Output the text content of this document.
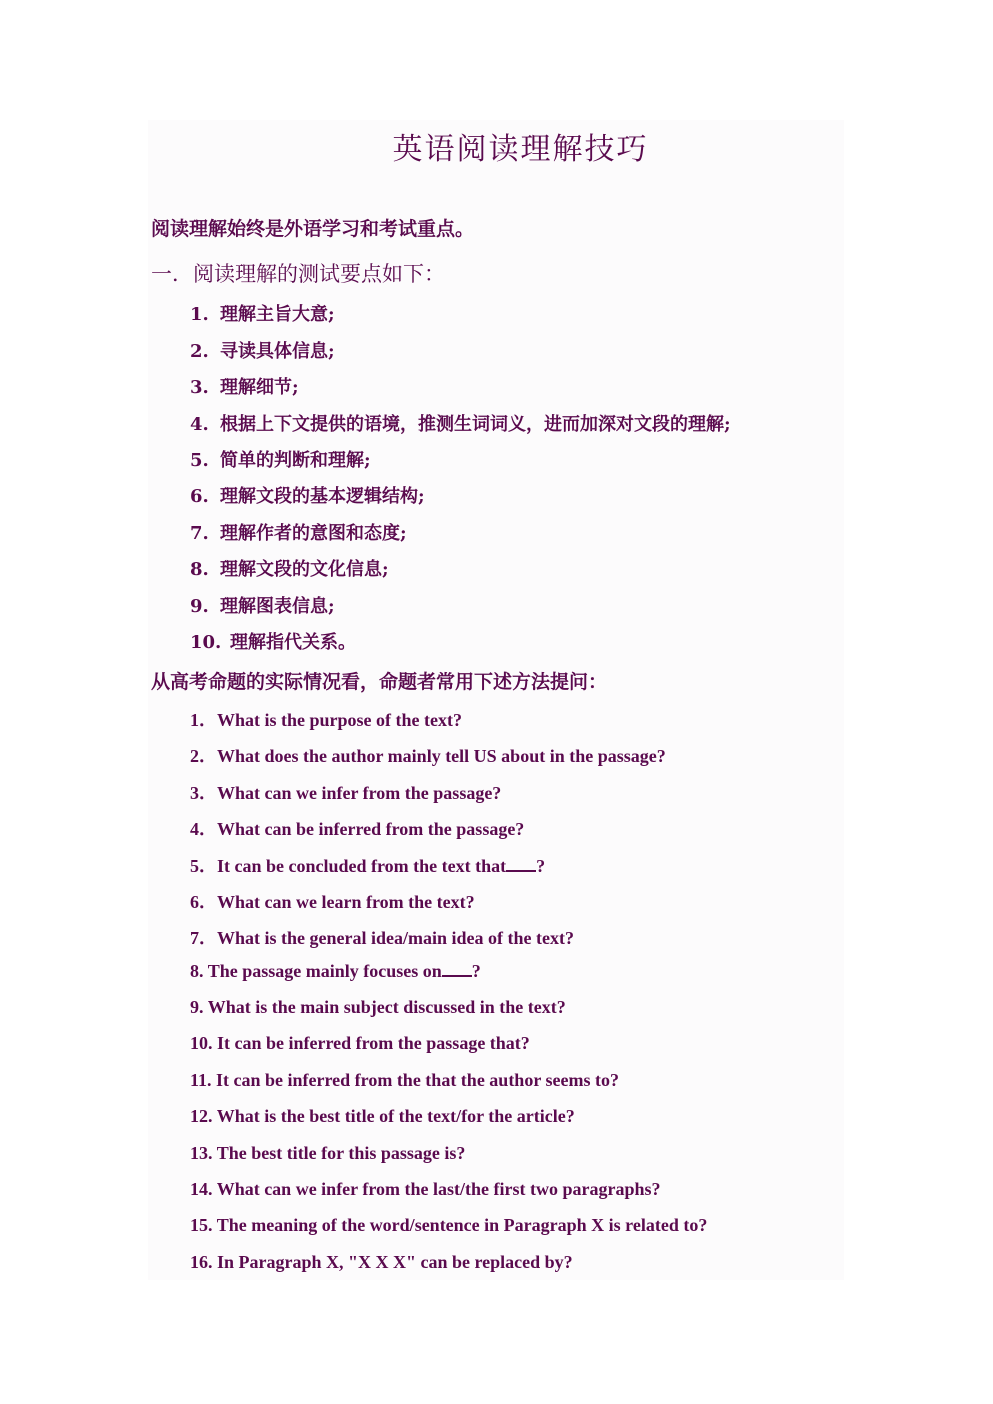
英语阅读理解技巧
阅读理解始终是外语学习和考试重点。
一．阅读理解的测试要点如下：
1. 理解主旨大意;
2. 寻读具体信息;
3. 理解细节;
4. 根据上下文提供的语境，推测生词词义，进而加深对文段的理解;
5. 简单的判断和理解;
6. 理解文段的基本逻辑结构;
7. 理解作者的意图和态度;
8. 理解文段的文化信息;
9. 理解图表信息;
10. 理解指代关系。
从高考命题的实际情况看，命题者常用下述方法提问：
1．What is the purpose of the text?
2．What does the author mainly tell US about in the passage?
3．What can we infer from the passage?
4．What can be inferred from the passage?
5．It can be concluded from the text that ?
6．What can we learn from the text?
7．What is the general idea/main idea of the text?
8. The passage mainly focuses on ?
9. What is the main subject discussed in the text?
10. It can be inferred from the passage that?
11. It can be inferred from the that the author seems to?
12. What is the best title of the text/for the article?
13. The best title for this passage is?
14. What can we infer from the last/the first two paragraphs?
15. The meaning of the word/sentence in Paragraph X is related to?
16. In Paragraph X, "X X X" can be replaced by?
